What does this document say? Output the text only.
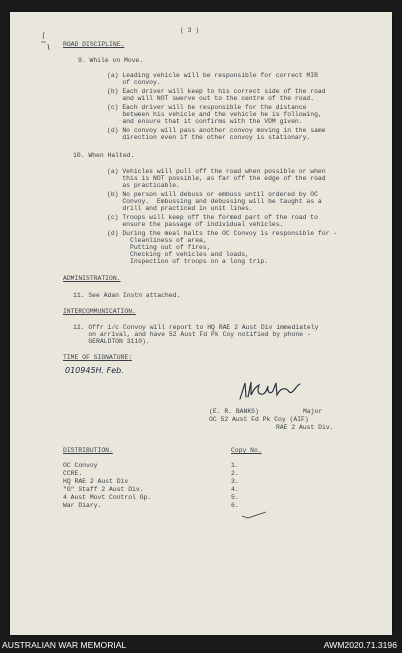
( 3 )
ROAD DISCIPLINE.
9. While on Move.
(a) Leading vehicle will be responsible for correct MIR
of convoy.
(b) Each driver will keep to his correct side of the road
and will NOT swerve out to the centre of the road.
(c) Each driver will be responsible for the distance
between his vehicle and the vehicle he is following,
and ensure that it confirms with the VDM given.
(d) No convoy will pass another convoy moving in the same
direction even if the other convoy is stationary.
10. When Halted.
(a) Vehicles will pull off the road when possible or when
this is NOT possible, as far off the edge of the road
as practicable.
(b) No person will debuss or embuss until ordered by OC
Convoy.  Embussing and debussing will be taught as a
drill and practiced in unit lines.
(c) Troops will keep off the formed part of the road to
ensure the passage of individual vehicles.
(d) During the meal halts the OC Convoy is responsible for -
Cleanliness of area,
Putting out of fires,
Checking of vehicles and loads,
Inspection of troops on a long trip.
ADMINISTRATION.
11. See Adan Instn attached.
INTERCOMMUNICATION.
12. Offr i/c Convoy will report to HQ RAE 2 Aust Div immediately
on arrival, and have 52 Aust Fd Pk Coy notified by phone -
GERALDTON 3110).
TIME OF SIGNATURE:
010945H. Feb.
(E. R. BANKS)	Major
OC 52 Aust Fd Pk Coy (AIF)
RAE 2 Aust Div.
DISTRIBUTION.	Copy No.
OC Convoy	1.
CCRE.	2.
HQ RAE 2 Aust Div	3.
"G" Staff 2 Aust Div.	4.
4 Aust Movt Control Gp.	5.
War Diary.	6.
AUSTRALIAN WAR MEMORIAL	AWM2020.71.3196
